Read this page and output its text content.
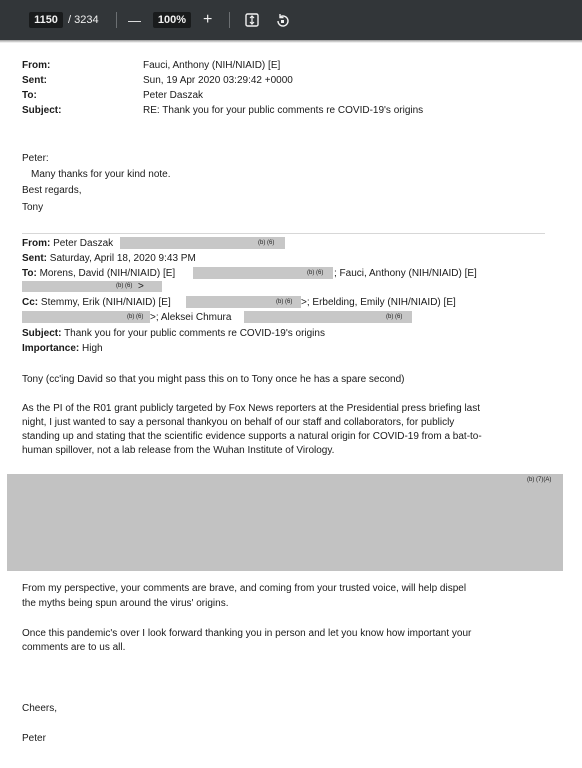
1150 / 3234 — 100% +
From:	Fauci, Anthony (NIH/NIAID) [E]
Sent:	Sun, 19 Apr 2020 03:29:42 +0000
To:	Peter Daszak
Subject:	RE: Thank you for your public comments re COVID-19's origins
Peter:
Many thanks for your kind note.
Best regards,
Tony
From: Peter Daszak	(b) (6)
Sent: Saturday, April 18, 2020 9:43 PM
To: Morens, David (NIH/NIAID) [E]	(b) (6) ; Fauci, Anthony (NIH/NIAID) [E]
(b) (6) >
Cc: Stemmy, Erik (NIH/NIAID) [E]	(b) (6) >; Erbelding, Emily (NIH/NIAID) [E]
(b) (6) >; Aleksei Chmura	(b) (6)
Subject: Thank you for your public comments re COVID-19's origins
Importance: High
Tony (cc'ing David so that you might pass this on to Tony once he has a spare second)
As the PI of the R01 grant publicly targeted by Fox News reporters at the Presidential press briefing last
night, I just wanted to say a personal thankyou on behalf of our staff and collaborators, for publicly
standing up and stating that the scientific evidence supports a natural origin for COVID-19 from a bat-to-
human spillover, not a lab release from the Wuhan Institute of Virology.
(b) (7)(A)
From my perspective, your comments are brave, and coming from your trusted voice, will help dispel
the myths being spun around the virus' origins.
Once this pandemic's over I look forward thanking you in person and let you know how important your
comments are to us all.
Cheers,
Peter
